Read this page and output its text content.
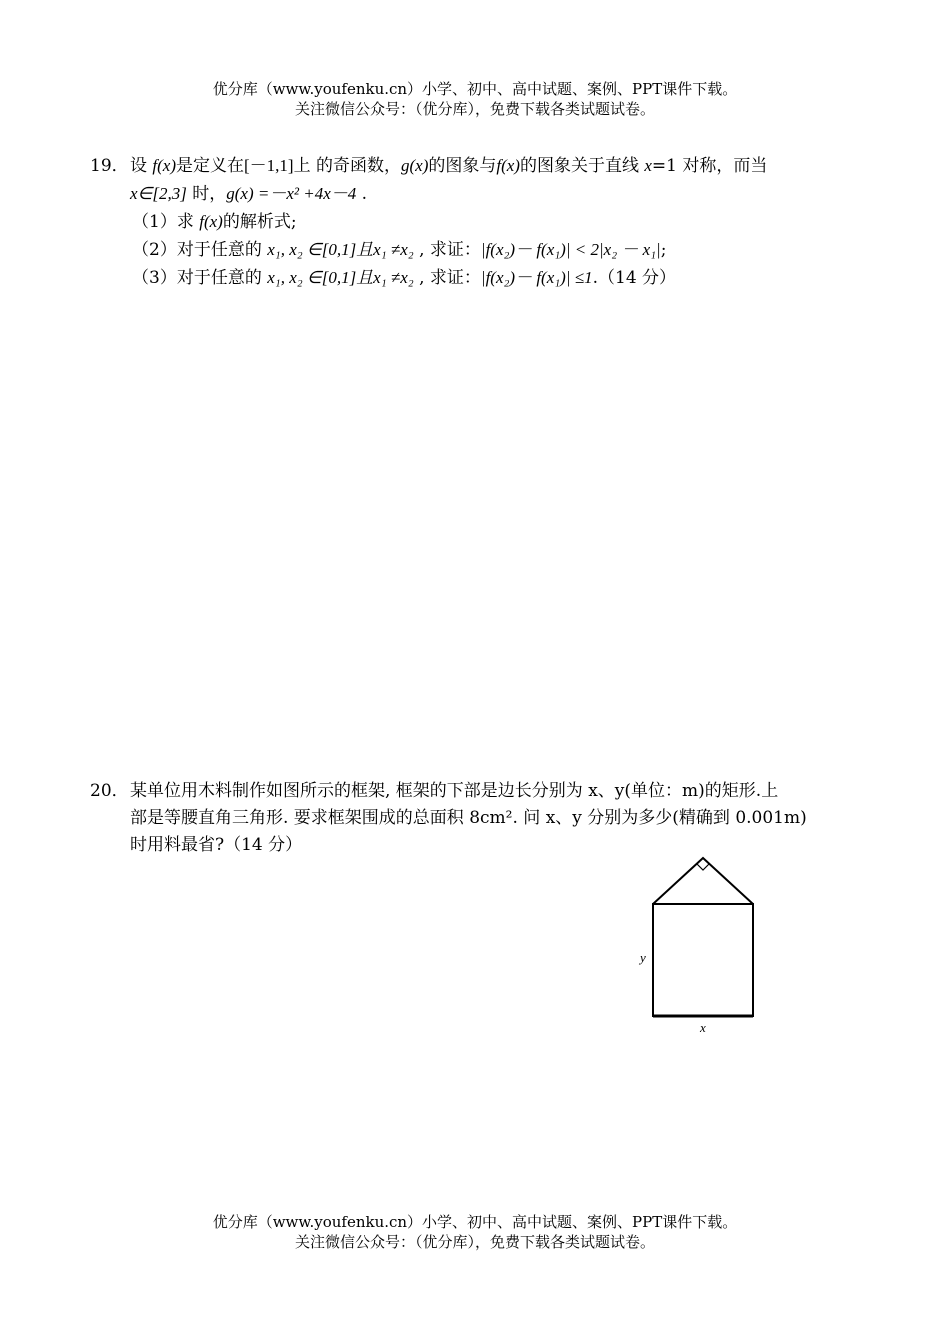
优分库（www.youfenku.cn）小学、初中、高中试题、案例、PPT课件下载。
关注微信公众号：（优分库），免费下载各类试题试卷。
19．设 f(x)是定义在[－1,1]上 的奇函数，g(x)的图象与f(x)的图象关于直线 x=1 对称，而当
x∈[2,3] 时，g(x) =－x² +4x－4 .
（1）求 f(x)的解析式;
（2）对于任意的 x₁, x₂ ∈[0,1]且x₁ ≠x₂ , 求证：|f(x₂)－ f(x₁)| < 2|x₂ － x₁|;
（3）对于任意的 x₁, x₂ ∈[0,1]且x₁ ≠x₂ , 求证：|f(x₂)－ f(x₁)| ≤1.（14 分）
20．某单位用木料制作如图所示的框架, 框架的下部是边长分别为 x、y(单位：m)的矩形.上
部是等腰直角三角形. 要求框架围成的总面积 8cm². 问 x、y 分别为多少(精确到 0.001m)
时用料最省?（14 分）
y
x
优分库（www.youfenku.cn）小学、初中、高中试题、案例、PPT课件下载。
关注微信公众号：（优分库），免费下载各类试题试卷。
